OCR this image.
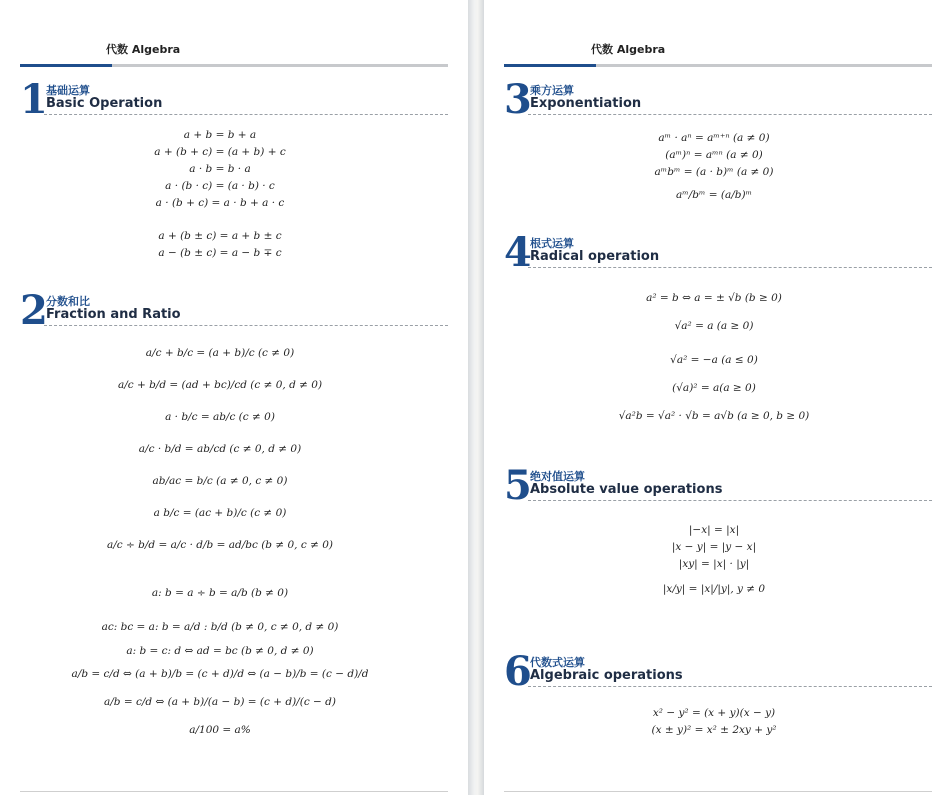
代数 Algebra
1
基础运算
Basic Operation
a + b = b + a
a + (b + c) = (a + b) + c
a · b = b · a
a · (b · c) = (a · b) · c
a · (b + c) = a · b + a · c
a + (b ± c) = a + b ± c
a − (b ± c) = a − b ∓ c
2
分数和比
Fraction and Ratio
a/c + b/c = (a + b)/c (c ≠ 0)
a/c + b/d = (ad + bc)/cd (c ≠ 0, d ≠ 0)
a · b/c = ab/c (c ≠ 0)
a/c · b/d = ab/cd (c ≠ 0, d ≠ 0)
ab/ac = b/c (a ≠ 0, c ≠ 0)
a b/c = (ac + b)/c (c ≠ 0)
a/c ÷ b/d = a/c · d/b = ad/bc (b ≠ 0, c ≠ 0)
a: b = a ÷ b = a/b (b ≠ 0)
ac: bc = a: b = a/d : b/d (b ≠ 0, c ≠ 0, d ≠ 0)
a: b = c: d ⇔ ad = bc (b ≠ 0, d ≠ 0)
a/b = c/d ⇔ (a + b)/b = (c + d)/d ⇔ (a − b)/b = (c − d)/d
a/b = c/d ⇔ (a + b)/(a − b) = (c + d)/(c − d)
a/100 = a%
代数 Algebra
3
乘方运算
Exponentiation
aᵐ · aⁿ = aᵐ⁺ⁿ (a ≠ 0)
(aᵐ)ⁿ = aᵐⁿ (a ≠ 0)
aᵐbᵐ = (a · b)ᵐ (a ≠ 0)
aᵐ/bᵐ = (a/b)ᵐ
4
根式运算
Radical operation
a² = b ⇔ a = ± √b (b ≥ 0)
√a² = a (a ≥ 0)
√a² = −a (a ≤ 0)
(√a)² = a(a ≥ 0)
√a²b = √a² · √b = a√b (a ≥ 0, b ≥ 0)
5
绝对值运算
Absolute value operations
|−x| = |x|
|x − y| = |y − x|
|xy| = |x| · |y|
|x/y| = |x|/|y|, y ≠ 0
6
代数式运算
Algebraic operations
x² − y² = (x + y)(x − y)
(x ± y)² = x² ± 2xy + y²
